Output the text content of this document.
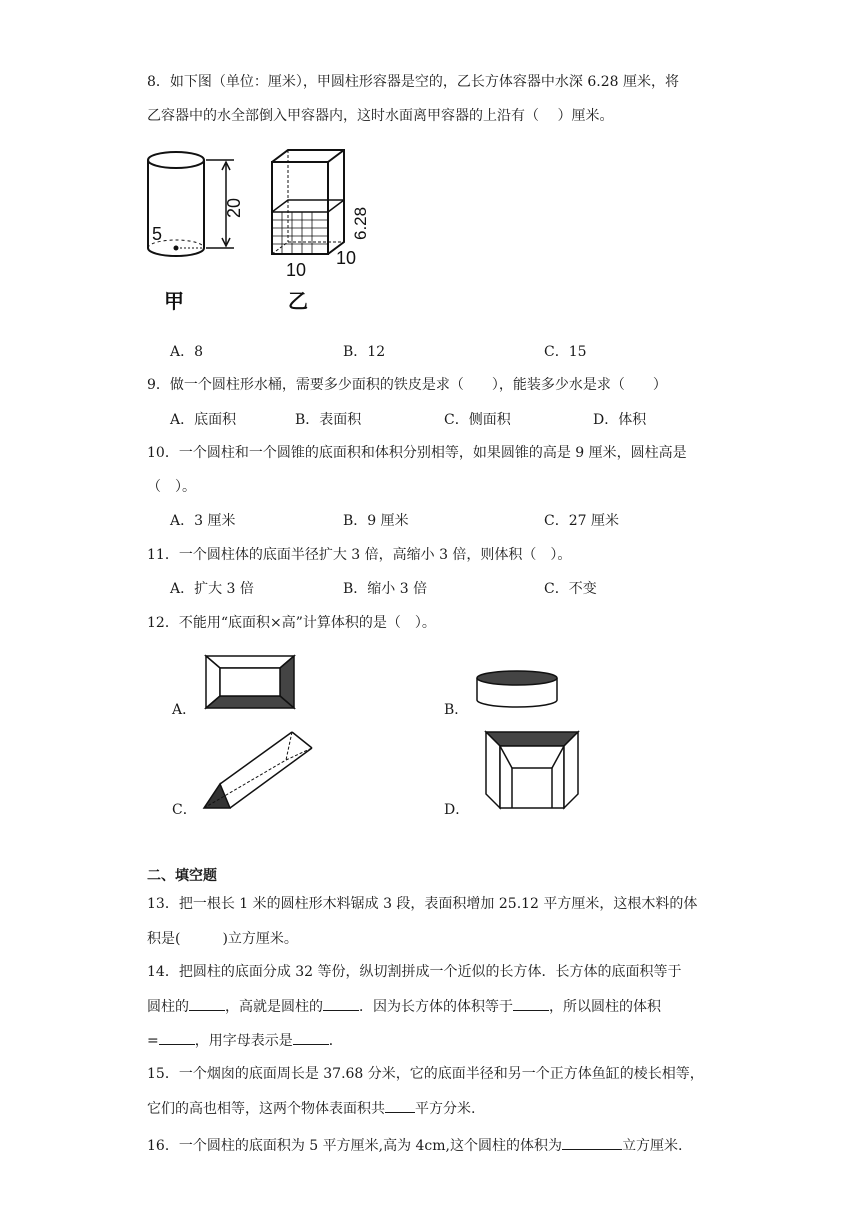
8．如下图（单位：厘米），甲圆柱形容器是空的，乙长方体容器中水深 6.28 厘米，将
乙容器中的水全部倒入甲容器内，这时水面离甲容器的上沿有（　 ）厘米。
5
20
甲
6.28
10
10
乙
A．8	B．12	C．15
9．做一个圆柱形水桶，需要多少面积的铁皮是求（　　），能装多少水是求（　　）
A．底面积	B．表面积	C．侧面积	D．体积
10．一个圆柱和一个圆锥的底面积和体积分别相等，如果圆锥的高是 9 厘米，圆柱高是
（　）。
A．3 厘米	B．9 厘米	C．27 厘米
11．一个圆柱体的底面半径扩大 3 倍，高缩小 3 倍，则体积（　）。
A．扩大 3 倍	B．缩小 3 倍	C．不变
12．不能用“底面积×高”计算体积的是（　）。
A．	B．
C．	D．
二、填空题
13．把一根长 1 米的圆柱形木料锯成 3 段，表面积增加 25.12 平方厘米，这根木料的体
积是(　　　)立方厘米。
14．把圆柱的底面分成 32 等份，纵切割拼成一个近似的长方体．长方体的底面积等于
圆柱的	，高就是圆柱的	．因为长方体的体积等于	，所以圆柱的体积
=	，用字母表示是	．
15．一个烟囱的底面周长是 37.68 分米，它的底面半径和另一个正方体鱼缸的棱长相等，
它们的高也相等，这两个物体表面积共 平方分米.
16．一个圆柱的底面积为 5 平方厘米,高为 4cm,这个圆柱的体积为	立方厘米.
